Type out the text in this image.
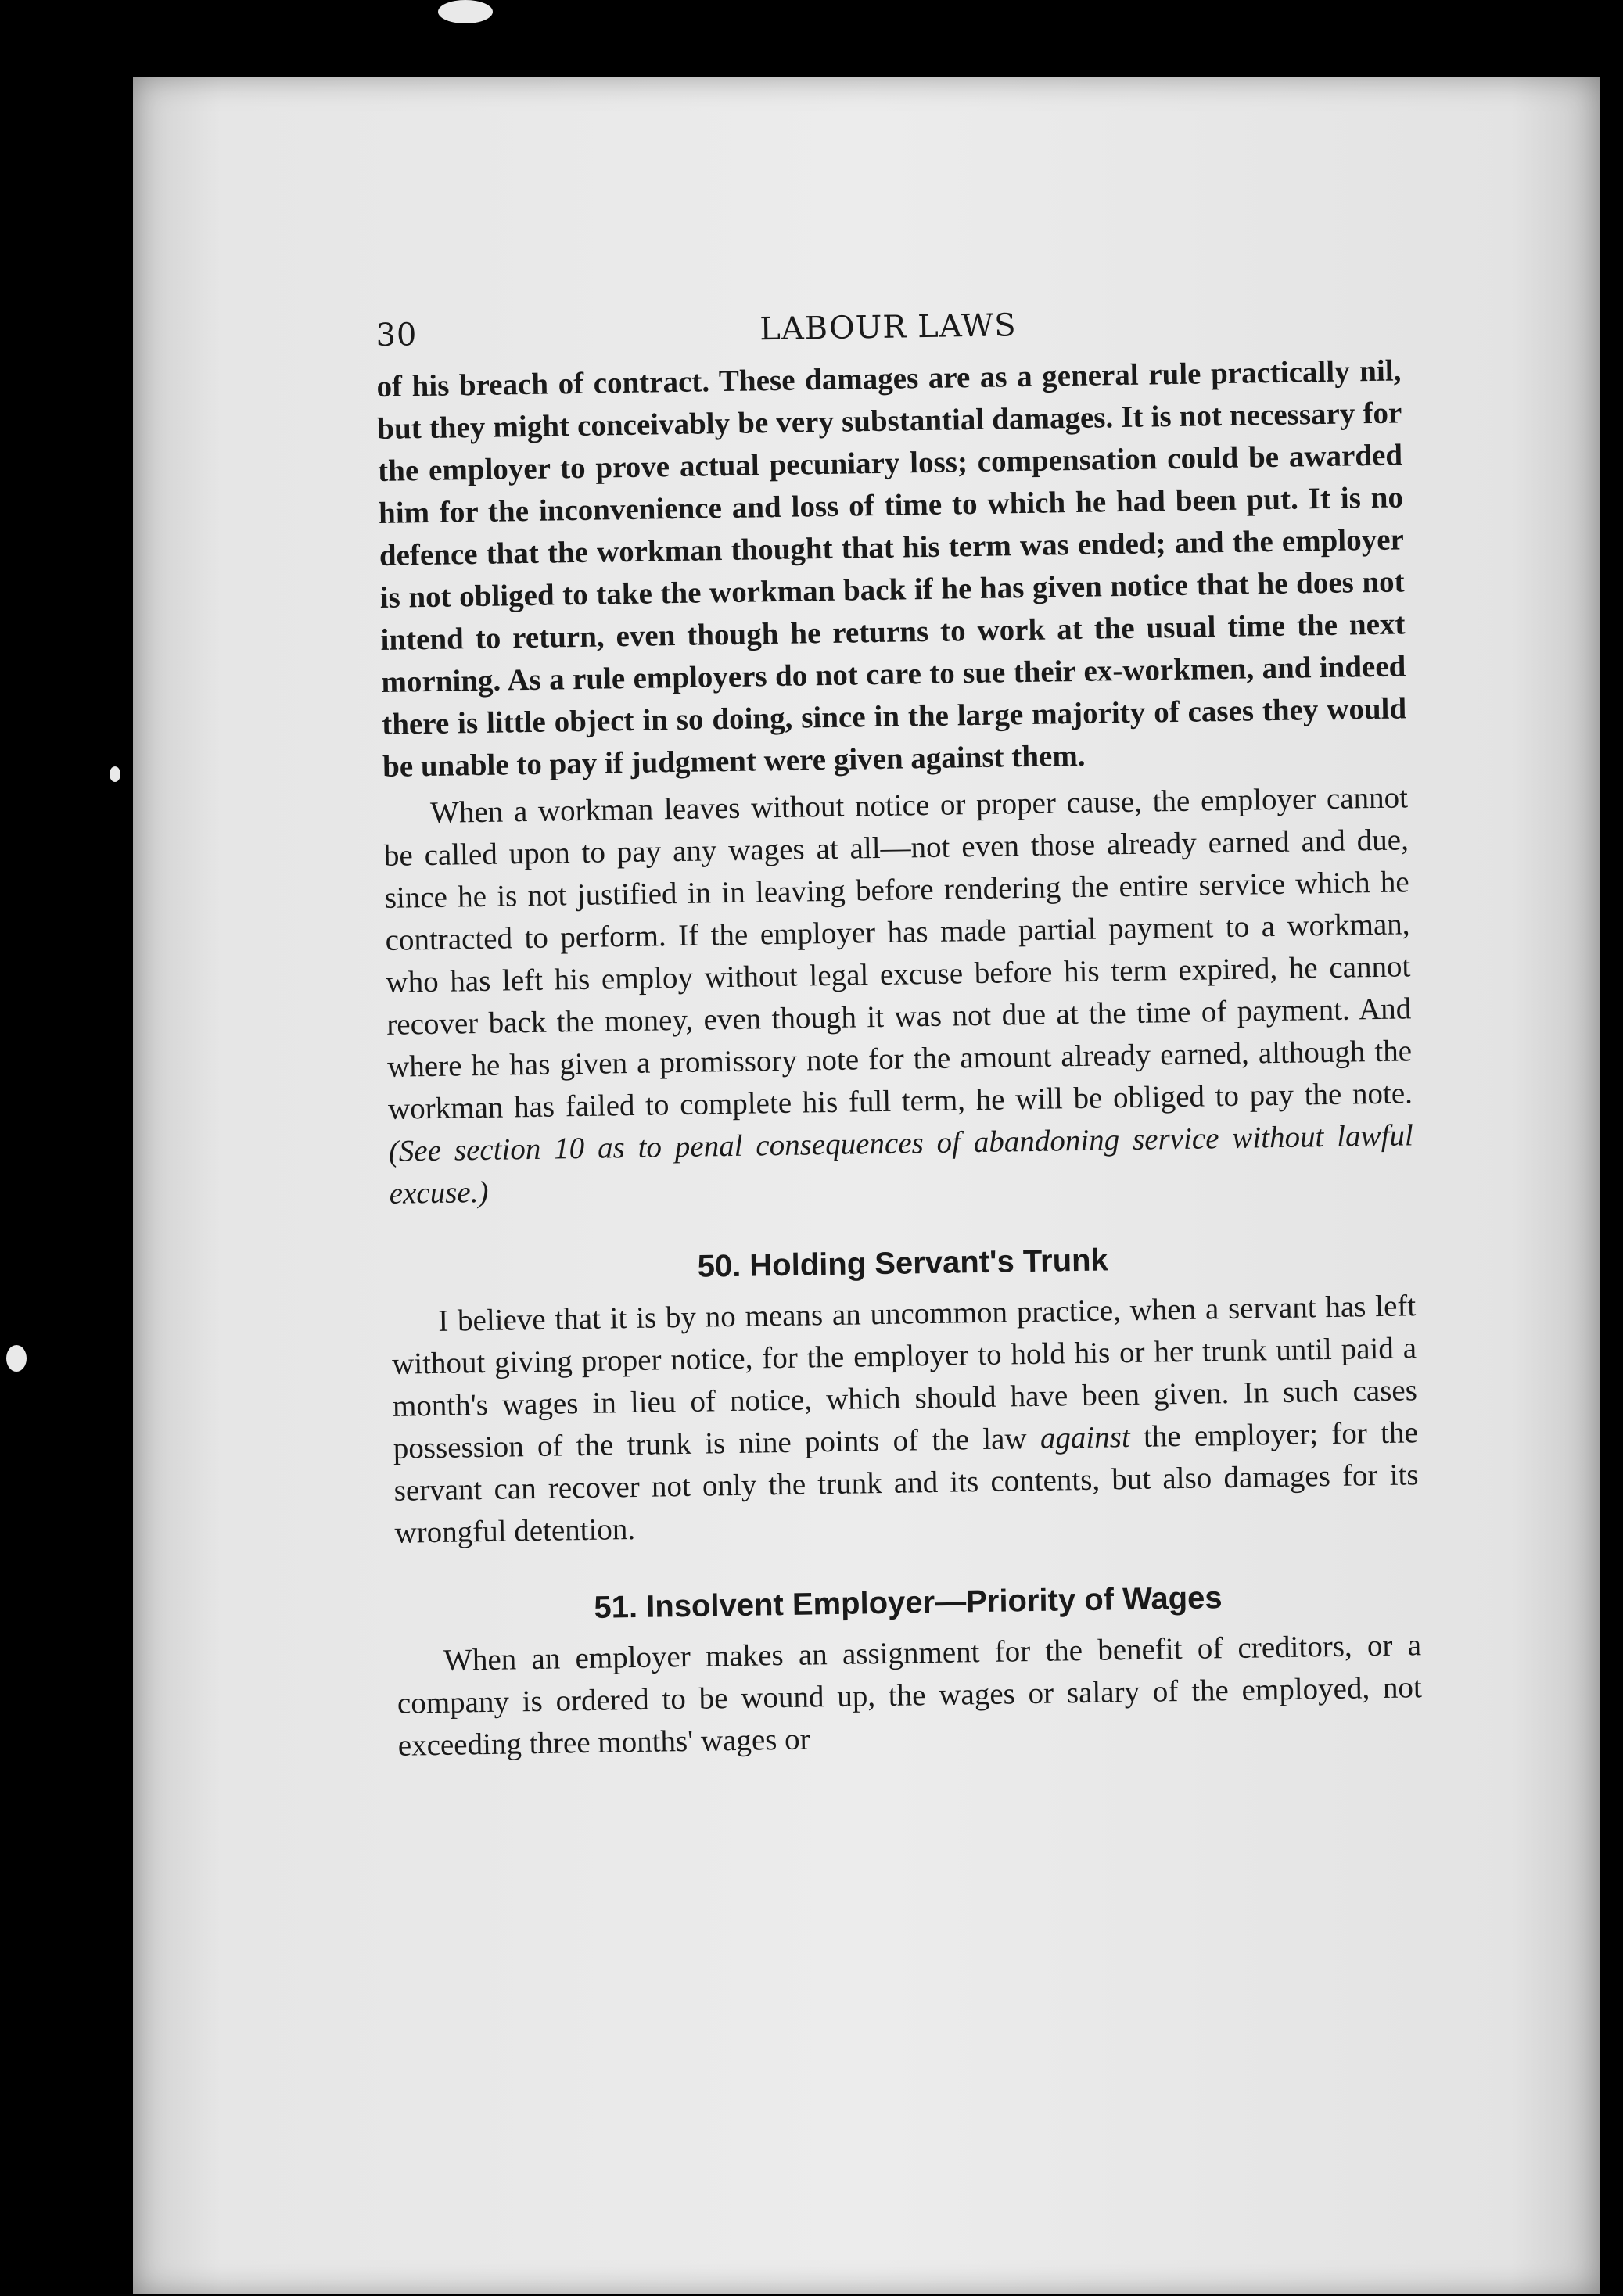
30	LABOUR LAWS

of his breach of contract. These damages are as a general rule practically nil, but they might conceivably be very substantial damages. It is not necessary for the employer to prove actual pecuniary loss; compensation could be awarded him for the inconvenience and loss of time to which he had been put. It is no defence that the workman thought that his term was ended; and the employer is not obliged to take the workman back if he has given notice that he does not intend to return, even though he returns to work at the usual time the next morning. As a rule employers do not care to sue their ex-workmen, and indeed there is little object in so doing, since in the large majority of cases they would be unable to pay if judgment were given against them.

When a workman leaves without notice or proper cause, the employer cannot be called upon to pay any wages at all—not even those already earned and due, since he is not justified in in leaving before rendering the entire service which he contracted to perform. If the employer has made partial payment to a workman, who has left his employ without legal excuse before his term expired, he cannot recover back the money, even though it was not due at the time of payment. And where he has given a promissory note for the amount already earned, although the workman has failed to complete his full term, he will be obliged to pay the note. (See section 10 as to penal consequences of abandoning service without lawful excuse.)

50. Holding Servant's Trunk

I believe that it is by no means an uncommon practice, when a servant has left without giving proper notice, for the employer to hold his or her trunk until paid a month's wages in lieu of notice, which should have been given. In such cases possession of the trunk is nine points of the law against the employer; for the servant can recover not only the trunk and its contents, but also damages for its wrongful detention.

51. Insolvent Employer—Priority of Wages

When an employer makes an assignment for the benefit of creditors, or a company is ordered to be wound up, the wages or salary of the employed, not exceeding three months' wages or
